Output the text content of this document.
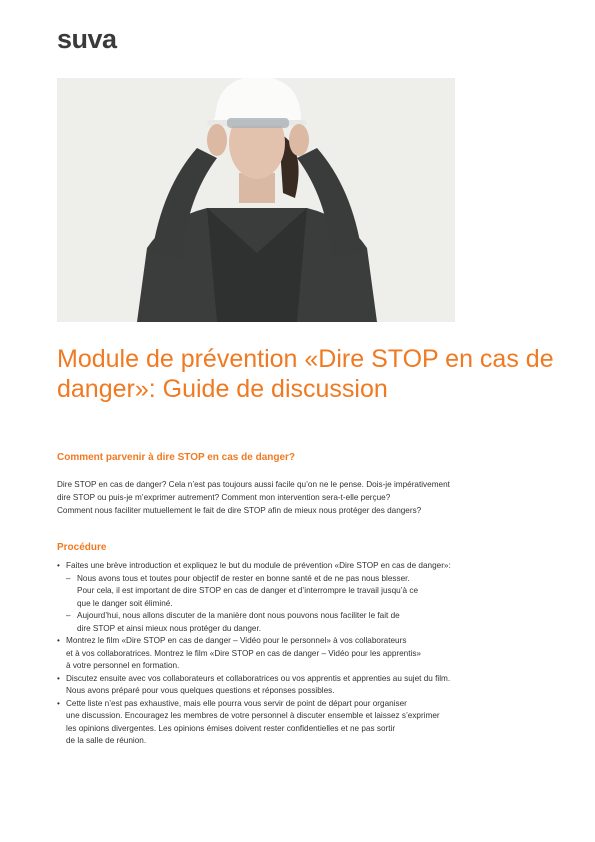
suva
Module de prévention «Dire STOP en cas de danger»: Guide de discussion
Comment parvenir à dire STOP en cas de danger?

Dire STOP en cas de danger? Cela n’est pas toujours aussi facile qu’on ne le pense. Dois-je impérativement
dire STOP ou puis-je m’exprimer autrement? Comment mon intervention sera-t-elle perçue?
Comment nous faciliter mutuellement le fait de dire STOP afin de mieux nous protéger des dangers?

Procédure
• Faites une brève introduction et expliquez le but du module de prévention «Dire STOP en cas de danger»:
– Nous avons tous et toutes pour objectif de rester en bonne santé et de ne pas nous blesser.
Pour cela, il est important de dire STOP en cas de danger et d’interrompre le travail jusqu’à ce
que le danger soit éliminé.
– Aujourd’hui, nous allons discuter de la manière dont nous pouvons nous faciliter le fait de
dire STOP et ainsi mieux nous protéger du danger.
• Montrez le film «Dire STOP en cas de danger – Vidéo pour le personnel» à vos collaborateurs
et à vos collaboratrices. Montrez le film «Dire STOP en cas de danger – Vidéo pour les apprentis»
à votre personnel en formation.
• Discutez ensuite avec vos collaborateurs et collaboratrices ou vos apprentis et apprenties au sujet du film.
Nous avons préparé pour vous quelques questions et réponses possibles.
• Cette liste n’est pas exhaustive, mais elle pourra vous servir de point de départ pour organiser
une discussion. Encouragez les membres de votre personnel à discuter ensemble et laissez s’exprimer
les opinions divergentes. Les opinions émises doivent rester confidentielles et ne pas sortir
de la salle de réunion.
